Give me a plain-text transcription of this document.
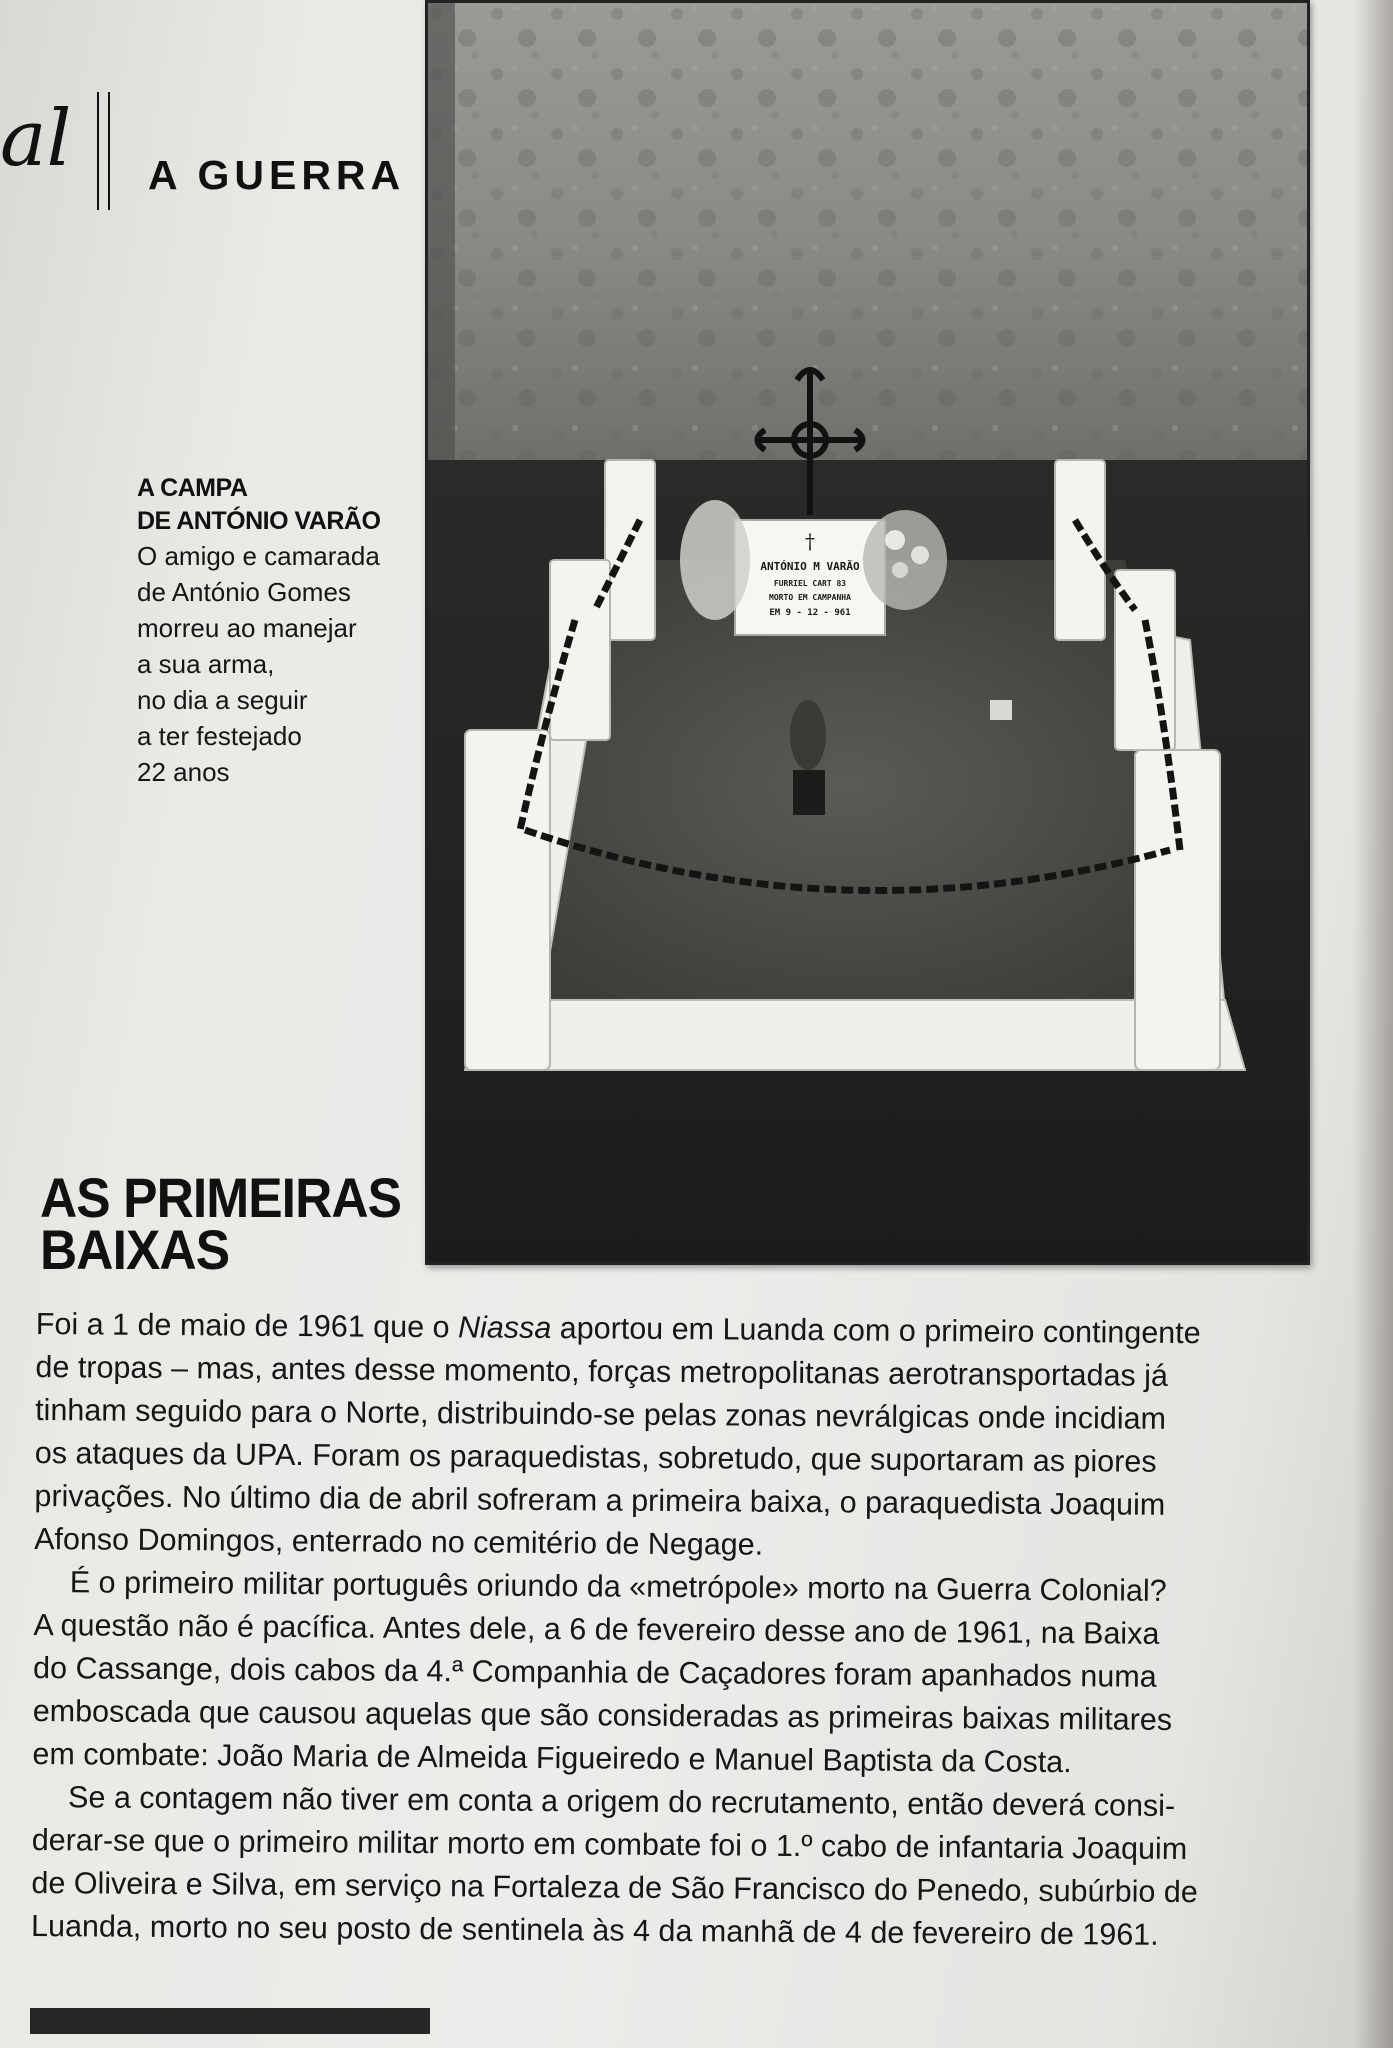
al A GUERRA
A CAMPA
DE ANTÓNIO VARÃO
O amigo e camarada
de António Gomes
morreu ao manejar
a sua arma,
no dia a seguir
a ter festejado
22 anos
†
ANTÓNIO M VARÃO
FURRIEL CART 83
MORTO EM CAMPANHA
EM 9 - 12 - 961
AS PRIMEIRAS
BAIXAS
Foi a 1 de maio de 1961 que o Niassa aportou em Luanda com o primeiro contingente
de tropas – mas, antes desse momento, forças metropolitanas aerotransportadas já
tinham seguido para o Norte, distribuindo-se pelas zonas nevrálgicas onde incidiam
os ataques da UPA. Foram os paraquedistas, sobretudo, que suportaram as piores
privações. No último dia de abril sofreram a primeira baixa, o paraquedista Joaquim
Afonso Domingos, enterrado no cemitério de Negage.
É o primeiro militar português oriundo da «metrópole» morto na Guerra Colonial?
A questão não é pacífica. Antes dele, a 6 de fevereiro desse ano de 1961, na Baixa
do Cassange, dois cabos da 4.ª Companhia de Caçadores foram apanhados numa
emboscada que causou aquelas que são consideradas as primeiras baixas militares
em combate: João Maria de Almeida Figueiredo e Manuel Baptista da Costa.
Se a contagem não tiver em conta a origem do recrutamento, então deverá consi-
derar-se que o primeiro militar morto em combate foi o 1.º cabo de infantaria Joaquim
de Oliveira e Silva, em serviço na Fortaleza de São Francisco do Penedo, subúrbio de
Luanda, morto no seu posto de sentinela às 4 da manhã de 4 de fevereiro de 1961.
